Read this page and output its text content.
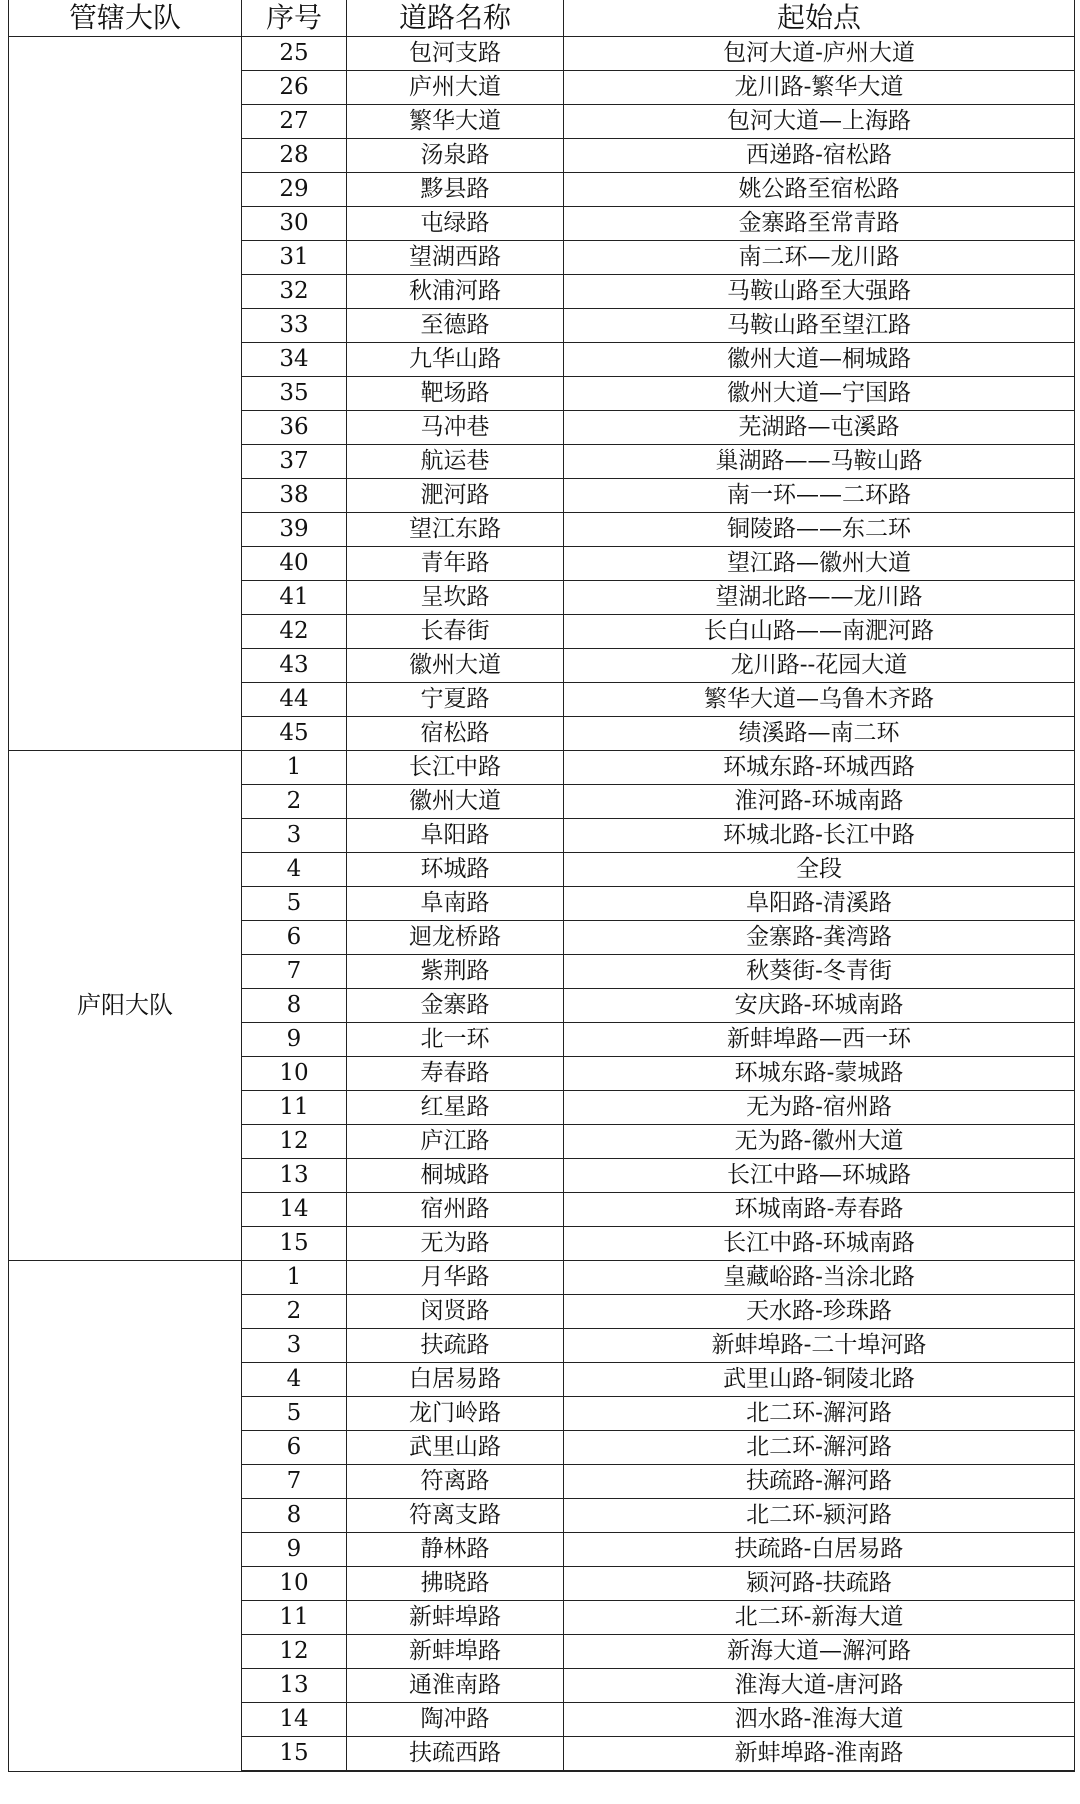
管辖大队	序号	道路名称	起始点
	25	包河支路	包河大道-庐州大道
	26	庐州大道	龙川路-繁华大道
	27	繁华大道	包河大道—上海路
	28	汤泉路	西递路-宿松路
	29	黟县路	姚公路至宿松路
	30	屯绿路	金寨路至常青路
	31	望湖西路	南二环—龙川路
	32	秋浦河路	马鞍山路至大强路
	33	至德路	马鞍山路至望江路
	34	九华山路	徽州大道—桐城路
	35	靶场路	徽州大道—宁国路
	36	马冲巷	芜湖路—屯溪路
	37	航运巷	巢湖路——马鞍山路
	38	淝河路	南一环——二环路
	39	望江东路	铜陵路——东二环
	40	青年路	望江路—徽州大道
	41	呈坎路	望湖北路——龙川路
	42	长春街	长白山路——南淝河路
	43	徽州大道	龙川路--花园大道
	44	宁夏路	繁华大道—乌鲁木齐路
	45	宿松路	绩溪路—南二环
庐阳大队	1	长江中路	环城东路-环城西路
	2	徽州大道	淮河路-环城南路
	3	阜阳路	环城北路-长江中路
	4	环城路	全段
	5	阜南路	阜阳路-清溪路
	6	迴龙桥路	金寨路-龚湾路
	7	紫荆路	秋葵街-冬青街
	8	金寨路	安庆路-环城南路
	9	北一环	新蚌埠路—西一环
	10	寿春路	环城东路-蒙城路
	11	红星路	无为路-宿州路
	12	庐江路	无为路-徽州大道
	13	桐城路	长江中路—环城路
	14	宿州路	环城南路-寿春路
	15	无为路	长江中路-环城南路
	1	月华路	皇藏峪路-当涂北路
	2	闵贤路	天水路-珍珠路
	3	扶疏路	新蚌埠路-二十埠河路
	4	白居易路	武里山路-铜陵北路
	5	龙门岭路	北二环-澥河路
	6	武里山路	北二环-澥河路
	7	符离路	扶疏路-澥河路
	8	符离支路	北二环-颍河路
	9	静林路	扶疏路-白居易路
	10	拂晓路	颍河路-扶疏路
	11	新蚌埠路	北二环-新海大道
	12	新蚌埠路	新海大道—澥河路
	13	通淮南路	淮海大道-唐河路
	14	陶冲路	泗水路-淮海大道
	15	扶疏西路	新蚌埠路-淮南路
